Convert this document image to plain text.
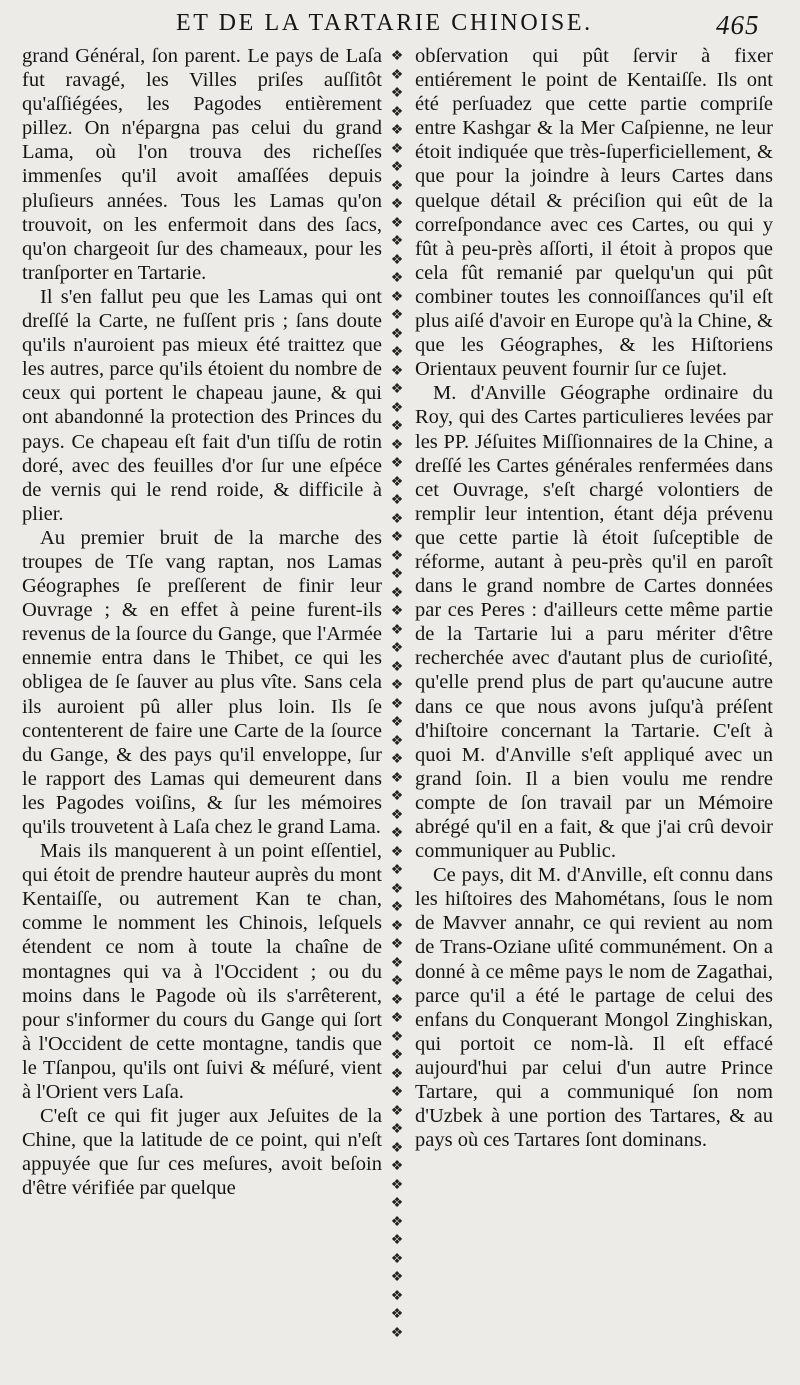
ET DE LA TARTARIE CHINOISE.	465

grand Général, ſon parent. Le pays de Laſa fut ravagé, les Villes priſes auſſitôt qu'aſſiégées, les Pagodes entièrement pillez. On n'épargna pas celui du grand Lama, où l'on trouva des richeſſes immenſes qu'il avoit amaſſées depuis pluſieurs années. Tous les Lamas qu'on trouvoit, on les enfermoit dans des ſacs, qu'on chargeoit ſur des chameaux, pour les tranſporter en Tartarie.

Il s'en fallut peu que les Lamas qui ont dreſſé la Carte, ne fuſſent pris ; ſans doute qu'ils n'auroient pas mieux été traittez que les autres, parce qu'ils étoient du nombre de ceux qui portent le chapeau jaune, & qui ont abandonné la protection des Princes du pays. Ce chapeau eſt fait d'un tiſſu de rotin doré, avec des feuilles d'or ſur une eſpéce de vernis qui le rend roide, & difficile à plier.

Au premier bruit de la marche des troupes de Tſe vang raptan, nos Lamas Géographes ſe preſſerent de finir leur Ouvrage ; & en effet à peine furent-ils revenus de la ſource du Gange, que l'Armée ennemie entra dans le Thibet, ce qui les obligea de ſe ſauver au plus vîte. Sans cela ils auroient pû aller plus loin. Ils ſe contenterent de faire une Carte de la ſource du Gange, & des pays qu'il enveloppe, ſur le rapport des Lamas qui demeurent dans les Pagodes voiſins, & ſur les mémoires qu'ils trouvetent à Laſa chez le grand Lama.

Mais ils manquerent à un point eſſentiel, qui étoit de prendre hauteur auprès du mont Kentaiſſe, ou autrement Kan te chan, comme le nomment les Chinois, leſquels étendent ce nom à toute la chaîne de montagnes qui va à l'Occident ; ou du moins dans le Pagode où ils s'arrêterent, pour s'informer du cours du Gange qui ſort à l'Occident de cette montagne, tandis que le Tſanpou, qu'ils ont ſuivi & méſuré, vient à l'Orient vers Laſa.

C'eſt ce qui fit juger aux Jeſuites de la Chine, que la latitude de ce point, qui n'eſt appuyée que ſur ces meſures, avoit beſoin d'être vérifiée par quelque

❖
❖
❖
❖
❖
❖
❖
❖
❖
❖
❖
❖
❖
❖
❖
❖
❖
❖
❖
❖
❖
❖
❖
❖
❖
❖
❖
❖
❖
❖
❖
❖
❖
❖
❖
❖
❖
❖
❖
❖
❖
❖
❖
❖
❖
❖
❖
❖
❖
❖
❖
❖
❖
❖
❖
❖
❖
❖
❖
❖
❖
❖
❖
❖
❖
❖
❖
❖
❖
❖

obſervation qui pût ſervir à fixer entiérement le point de Kentaiſſe. Ils ont été perſuadez que cette partie compriſe entre Kashgar & la Mer Caſpienne, ne leur étoit indiquée que très-ſuperficiellement, & que pour la joindre à leurs Cartes dans quelque détail & préciſion qui eût de la correſpondance avec ces Cartes, ou qui y fût à peu-près aſſorti, il étoit à propos que cela fût remanié par quelqu'un qui pût combiner toutes les connoiſſances qu'il eſt plus aiſé d'avoir en Europe qu'à la Chine, & que les Géographes, & les Hiſtoriens Orientaux peuvent fournir ſur ce ſujet.

M. d'Anville Géographe ordinaire du Roy, qui des Cartes particulieres levées par les PP. Jéſuites Miſſionnaires de la Chine, a dreſſé les Cartes générales renfermées dans cet Ouvrage, s'eſt chargé volontiers de remplir leur intention, étant déja prévenu que cette partie là étoit ſuſceptible de réforme, autant à peu-près qu'il en paroît dans le grand nombre de Cartes données par ces Peres : d'ailleurs cette même partie de la Tartarie lui a paru mériter d'être recherchée avec d'autant plus de curioſité, qu'elle prend plus de part qu'aucune autre dans ce que nous avons juſqu'à préſent d'hiſtoire concernant la Tartarie. C'eſt à quoi M. d'Anville s'eſt appliqué avec un grand ſoin. Il a bien voulu me rendre compte de ſon travail par un Mémoire abrégé qu'il en a fait, & que j'ai crû devoir communiquer au Public.

Ce pays, dit M. d'Anville, eſt connu dans les hiſtoires des Mahométans, ſous le nom de Mavver annahr, ce qui revient au nom de Trans-Oziane uſité communément. On a donné à ce même pays le nom de Zagathai, parce qu'il a été le partage de celui des enfans du Conquerant Mongol Zinghiskan, qui portoit ce nom-là. Il eſt effacé aujourd'hui par celui d'un autre Prince Tartare, qui a communiqué ſon nom d'Uzbek à une portion des Tartares, & au pays où ces Tartares ſont dominans.
